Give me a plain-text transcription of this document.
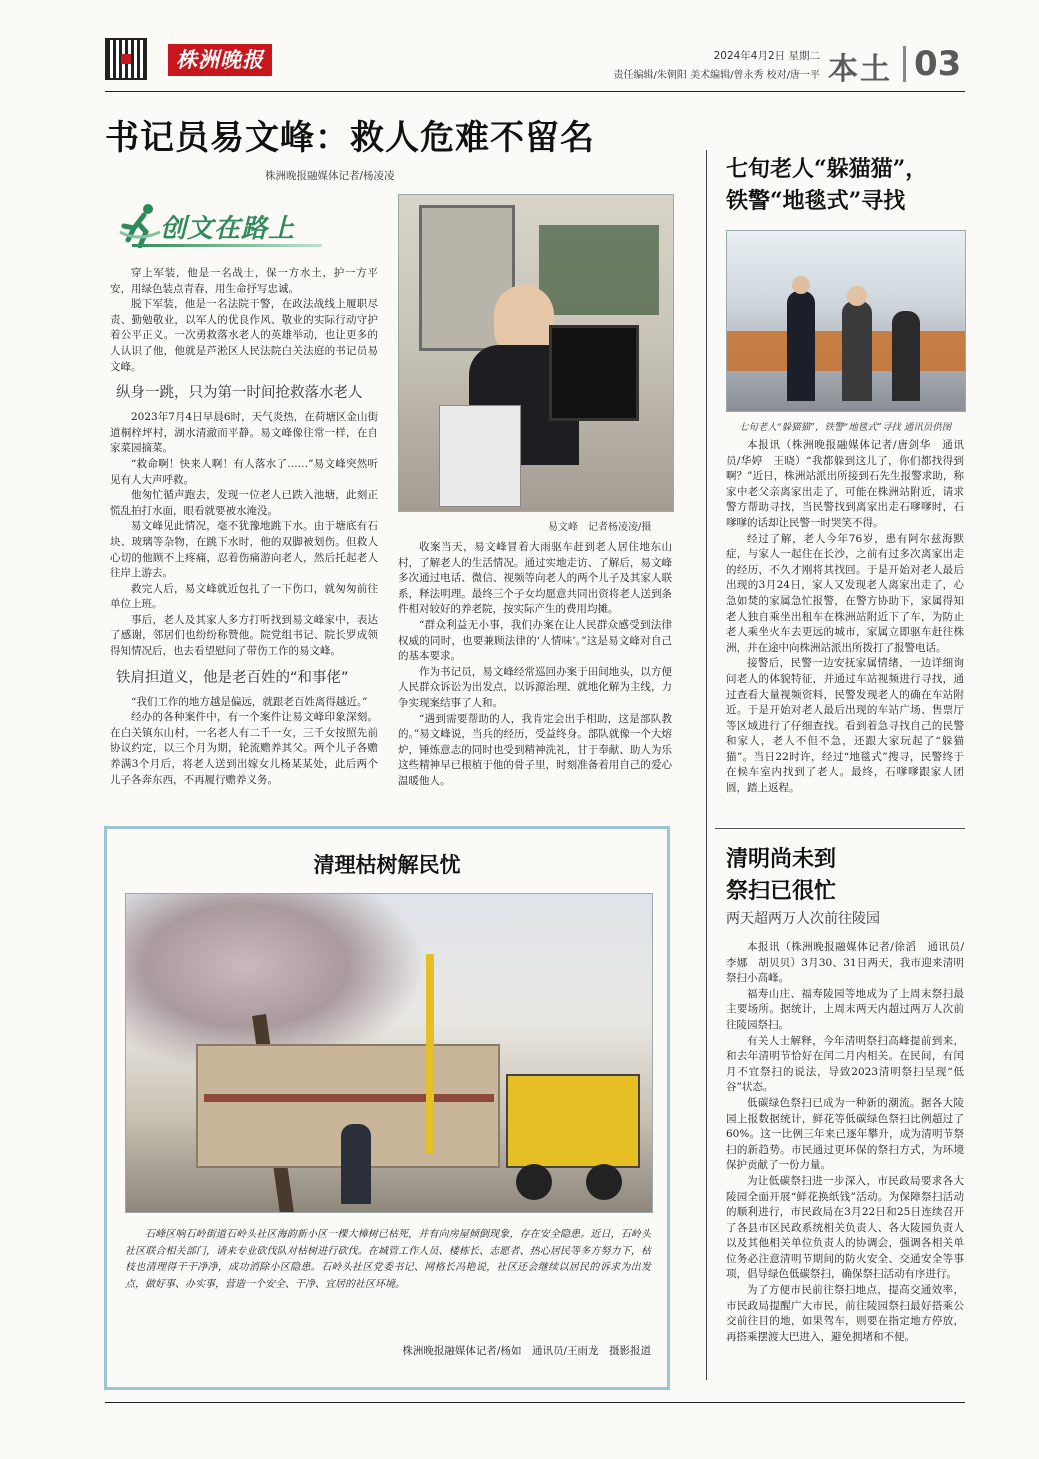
株洲晚报	2024年4月2日 星期二
责任编辑/朱朝阳 美术编辑/曾永秀 校对/唐一平 本土 03
书记员易文峰：救人危难不留名
株洲晚报融媒体记者/杨凌凌
创文在路上
易文峰　记者杨凌凌/摄

穿上军装，他是一名战士，保一方水土，护一方平安，用绿色装点青春，用生命抒写忠诚。

脱下军装，他是一名法院干警，在政法战线上履职尽责、勤勉敬业，以军人的优良作风、敬业的实际行动守护着公平正义。一次勇救落水老人的英雄举动，也让更多的人认识了他，他就是芦淞区人民法院白关法庭的书记员易文峰。

纵身一跳，只为第一时间抢救落水老人

2023年7月4日早晨6时，天气炎热，在荷塘区金山街道桐梓坪村，湖水清澈而平静。易文峰像往常一样，在自家菜园摘菜。

“救命啊！快来人啊！有人落水了……”易文峰突然听见有人大声呼救。

他匆忙循声跑去，发现一位老人已跌入池塘，此刻正慌乱拍打水面，眼看就要被水淹没。

易文峰见此情况，毫不犹豫地跳下水。由于塘底有石块、玻璃等杂物，在跳下水时，他的双脚被划伤。但救人心切的他顾不上疼痛，忍着伤痛游向老人，然后托起老人往岸上游去。

救完人后，易文峰就近包扎了一下伤口，就匆匆前往单位上班。

事后，老人及其家人多方打听找到易文峰家中，表达了感谢，邻居们也纷纷称赞他。院党组书记、院长罗成领得知情况后，也去看望慰问了带伤工作的易文峰。

铁肩担道义，他是老百姓的“和事佬”

“我们工作的地方越是偏远，就跟老百姓离得越近。”

经办的各种案件中，有一个案件让易文峰印象深刻。在白关镇东山村，一名老人有二千一女，三千女按照先前协议约定，以三个月为期，轮流赡养其父。两个儿子各赡养满3个月后，将老人送到出嫁女儿杨某某处，此后两个儿子各奔东西，不再履行赡养义务。

收案当天，易文峰冒着大雨驱车赶到老人居住地东山村，了解老人的生活情况。通过实地走访、了解后，易文峰多次通过电话、微信、视频等向老人的两个儿子及其家人联系，释法明理。最终三个子女均愿意共同出资将老人送到条件相对较好的养老院，按实际产生的费用均摊。

“群众利益无小事，我们办案在让人民群众感受到法律权威的同时，也要兼顾法律的‘人情味’。”这是易文峰对自己的基本要求。

作为书记员，易文峰经常巡回办案于田间地头，以方便人民群众诉讼为出发点，以诉源治理、就地化解为主线，力争实现案结事了人和。

“遇到需要帮助的人，我肯定会出手相助，这是部队教的。”易文峰说，当兵的经历，受益终身。部队就像一个大熔炉，锤炼意志的同时也受到精神洗礼，甘于奉献、助人为乐这些精神早已根植于他的骨子里，时刻准备着用自己的爱心温暖他人。

清理枯树解民忧

石峰区响石岭街道石岭头社区海韵新小区一棵大樟树已枯死，并有向房屋倾倒现象，存在安全隐患。近日，石岭头社区联合相关部门，请来专业砍伐队对枯树进行砍伐。在城管工作人员、楼栋长、志愿者、热心居民等多方努力下，枯枝也清理得干干净净，成功消除小区隐患。石岭头社区党委书记、网格长冯艳说，社区还会继续以居民的诉求为出发点，做好事、办实事，营造一个安全、干净、宜居的社区环境。

株洲晚报融媒体记者/杨如　通讯员/王雨龙　摄影报道
七旬老人“躲猫猫”，
铁警“地毯式”寻找
七旬老人“躲猫猫”，铁警“地毯式”寻找 通讯员供图

本报讯（株洲晚报融媒体记者/唐剑华　通讯员/华婷　王晓）“我都躲到这儿了，你们都找得到啊？”近日，株洲站派出所接到石先生报警求助，称家中老父亲离家出走了，可能在株洲站附近，请求警方帮助寻找，当民警找到离家出走石嗲嗲时，石嗲嗲的话却让民警一时哭笑不得。

经过了解，老人今年76岁，患有阿尔兹海默症，与家人一起住在长沙，之前有过多次离家出走的经历，不久才刚将其找回。于是开始对老人最后出现的3月24日，家人又发现老人离家出走了，心急如焚的家属急忙报警，在警方协助下，家属得知老人独自乘坐出租车在株洲站附近下了车，为防止老人乘坐火车去更远的城市，家属立即驱车赶往株洲，并在途中向株洲站派出所拨打了报警电话。

接警后，民警一边安抚家属情绪，一边详细询问老人的体貌特征，并通过车站视频进行寻找，通过查看大量视频资料，民警发现老人的确在车站附近。于是开始对老人最后出现的车站广场、售票厅等区域进行了仔细查找。看到着急寻找自己的民警和家人，老人不但不急，还跟大家玩起了“躲猫猫”。当日22时许，经过“地毯式”搜寻，民警终于在候车室内找到了老人。最终，石嗲嗲跟家人团圆，踏上返程。

清明尚未到
祭扫已很忙
两天超两万人次前往陵园

本报讯（株洲晚报融媒体记者/徐滔　通讯员/李娜　胡贝贝）3月30、31日两天，我市迎来清明祭扫小高峰。

福寿山庄、福寿陵园等地成为了上周末祭扫最主要场所。据统计，上周末两天内超过两万人次前往陵园祭扫。

有关人士解释，今年清明祭扫高峰提前到来，和去年清明节恰好在闰二月内相关。在民间，有闰月不宜祭扫的说法，导致2023清明祭扫呈现“低谷”状态。

低碳绿色祭扫已成为一种新的潮流。据各大陵园上报数据统计，鲜花等低碳绿色祭扫比例超过了60%。这一比例三年来已逐年攀升，成为清明节祭扫的新趋势。市民通过更环保的祭扫方式，为环境保护贡献了一份力量。

为让低碳祭扫进一步深入，市民政局要求各大陵园全面开展“鲜花换纸钱”活动。为保障祭扫活动的顺利进行，市民政局在3月22日和25日连续召开了各县市区民政系统相关负责人、各大陵园负责人以及其他相关单位负责人的协调会，强调各相关单位务必注意清明节期间的防火安全、交通安全等事项，倡导绿色低碳祭扫，确保祭扫活动有序进行。

为了方便市民前往祭扫地点，提高交通效率，市民政局提醒广大市民，前往陵园祭扫最好搭乘公交前往目的地，如果驾车，则要在指定地方停放，再搭乘摆渡大巴进入，避免拥堵和不便。
